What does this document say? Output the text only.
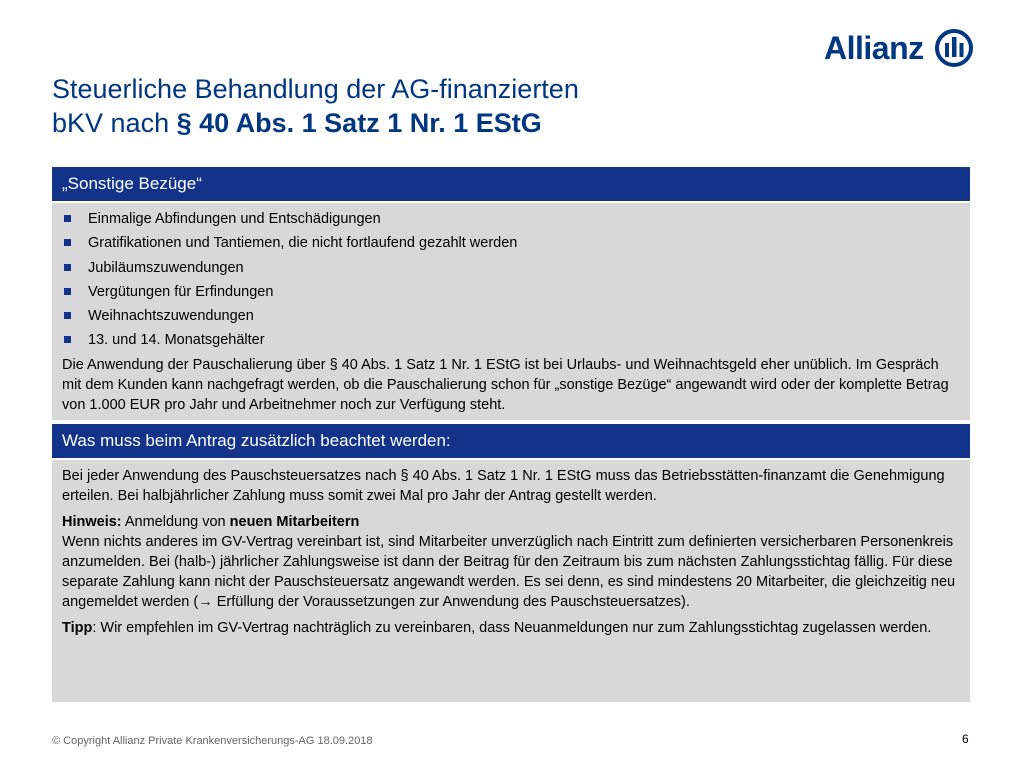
Allianz
Steuerliche Behandlung der AG-finanzierten
bKV nach § 40 Abs. 1 Satz 1 Nr. 1 EStG
„Sonstige Bezüge“
Einmalige Abfindungen und Entschädigungen
Gratifikationen und Tantiemen, die nicht fortlaufend gezahlt werden
Jubiläumszuwendungen
Vergütungen für Erfindungen
Weihnachtszuwendungen
13. und 14. Monatsgehälter

Die Anwendung der Pauschalierung über § 40 Abs. 1 Satz 1 Nr. 1 EStG ist bei Urlaubs- und Weihnachtsgeld eher unüblich. Im Gespräch mit dem Kunden kann nachgefragt werden, ob die Pauschalierung schon für „sonstige Bezüge“ angewandt wird oder der komplette Betrag von 1.000 EUR pro Jahr und Arbeitnehmer noch zur Verfügung steht.

Was muss beim Antrag zusätzlich beachtet werden:

Bei jeder Anwendung des Pauschsteuersatzes nach § 40 Abs. 1 Satz 1 Nr. 1 EStG muss das Betriebsstätten-finanzamt die Genehmigung erteilen. Bei halbjährlicher Zahlung muss somit zwei Mal pro Jahr der Antrag gestellt werden.

Hinweis: Anmeldung von neuen Mitarbeitern
Wenn nichts anderes im GV-Vertrag vereinbart ist, sind Mitarbeiter unverzüglich nach Eintritt zum definierten versicherbaren Personenkreis anzumelden. Bei (halb-) jährlicher Zahlungsweise ist dann der Beitrag für den Zeitraum bis zum nächsten Zahlungsstichtag fällig. Für diese separate Zahlung kann nicht der Pauschsteuersatz angewandt werden. Es sei denn, es sind mindestens 20 Mitarbeiter, die gleichzeitig neu angemeldet werden (→ Erfüllung der Voraussetzungen zur Anwendung des Pauschsteuersatzes).

Tipp: Wir empfehlen im GV-Vertrag nachträglich zu vereinbaren, dass Neuanmeldungen nur zum Zahlungsstichtag zugelassen werden.

© Copyright Allianz Private Krankenversicherungs-AG 18.09.2018	6
